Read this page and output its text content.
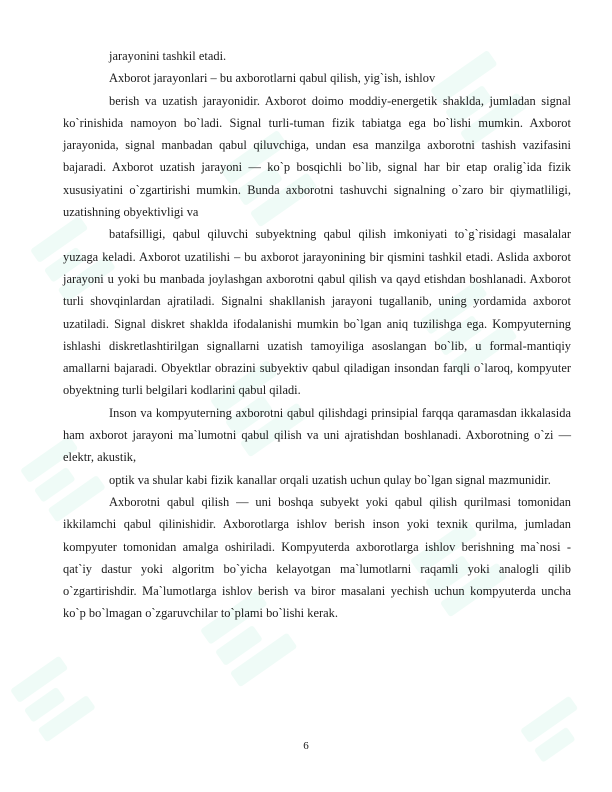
jarayonini tashkil etadi.

Axborot jarayonlari – bu axborotlarni qabul qilish, yig`ish, ishlov

berish va uzatish jarayonidir. Axborot doimo moddiy-energetik shaklda, jumladan signal ko`rinishida namoyon bo`ladi. Signal turli-tuman fizik tabiatga ega bo`lishi mumkin. Axborot jarayonida, signal manbadan qabul qiluvchiga, undan esa manzilga axborotni tashish vazifasini bajaradi. Axborot uzatish jarayoni — ko`p bosqichli bo`lib, signal har bir etap oralig`ida fizik xususiyatini o`zgartirishi mumkin. Bunda axborotni tashuvchi signalning o`zaro bir qiymatliligi, uzatishning obyektivligi va

batafsilligi, qabul qiluvchi subyektning qabul qilish imkoniyati to`g`risidagi masalalar yuzaga keladi. Axborot uzatilishi – bu axborot jarayonining bir qismini tashkil etadi. Aslida axborot jarayoni u yoki bu manbada joylashgan axborotni qabul qilish va qayd etishdan boshlanadi. Axborot turli shovqinlardan ajratiladi. Signalni shakllanish jarayoni tugallanib, uning yordamida axborot uzatiladi. Signal diskret shaklda ifodalanishi mumkin bo`lgan aniq tuzilishga ega. Kompyuterning ishlashi diskretlashtirilgan signallarni uzatish tamoyiliga asoslangan bo`lib, u formal-mantiqiy amallarni bajaradi. Obyektlar obrazini subyektiv qabul qiladigan insondan farqli o`laroq, kompyuter obyektning turli belgilari kodlarini qabul qiladi.

Inson va kompyuterning axborotni qabul qilishdagi prinsipial farqqa qaramasdan ikkalasida ham axborot jarayoni ma`lumotni qabul qilish va uni ajratishdan boshlanadi. Axborotning o`zi — elektr, akustik,

optik va shular kabi fizik kanallar orqali uzatish uchun qulay bo`lgan signal mazmunidir.

Axborotni qabul qilish — uni boshqa subyekt yoki qabul qilish qurilmasi tomonidan ikkilamchi qabul qilinishidir. Axborotlarga ishlov berish inson yoki texnik qurilma, jumladan kompyuter tomonidan amalga oshiriladi. Kompyuterda axborotlarga ishlov berishning ma`nosi - qat`iy dastur yoki algoritm bo`yicha kelayotgan ma`lumotlarni raqamli yoki analogli qilib o`zgartirishdir. Ma`lumotlarga ishlov berish va biror masalani yechish uchun kompyuterda uncha ko`p bo`lmagan o`zgaruvchilar to`plami bo`lishi kerak.

6
